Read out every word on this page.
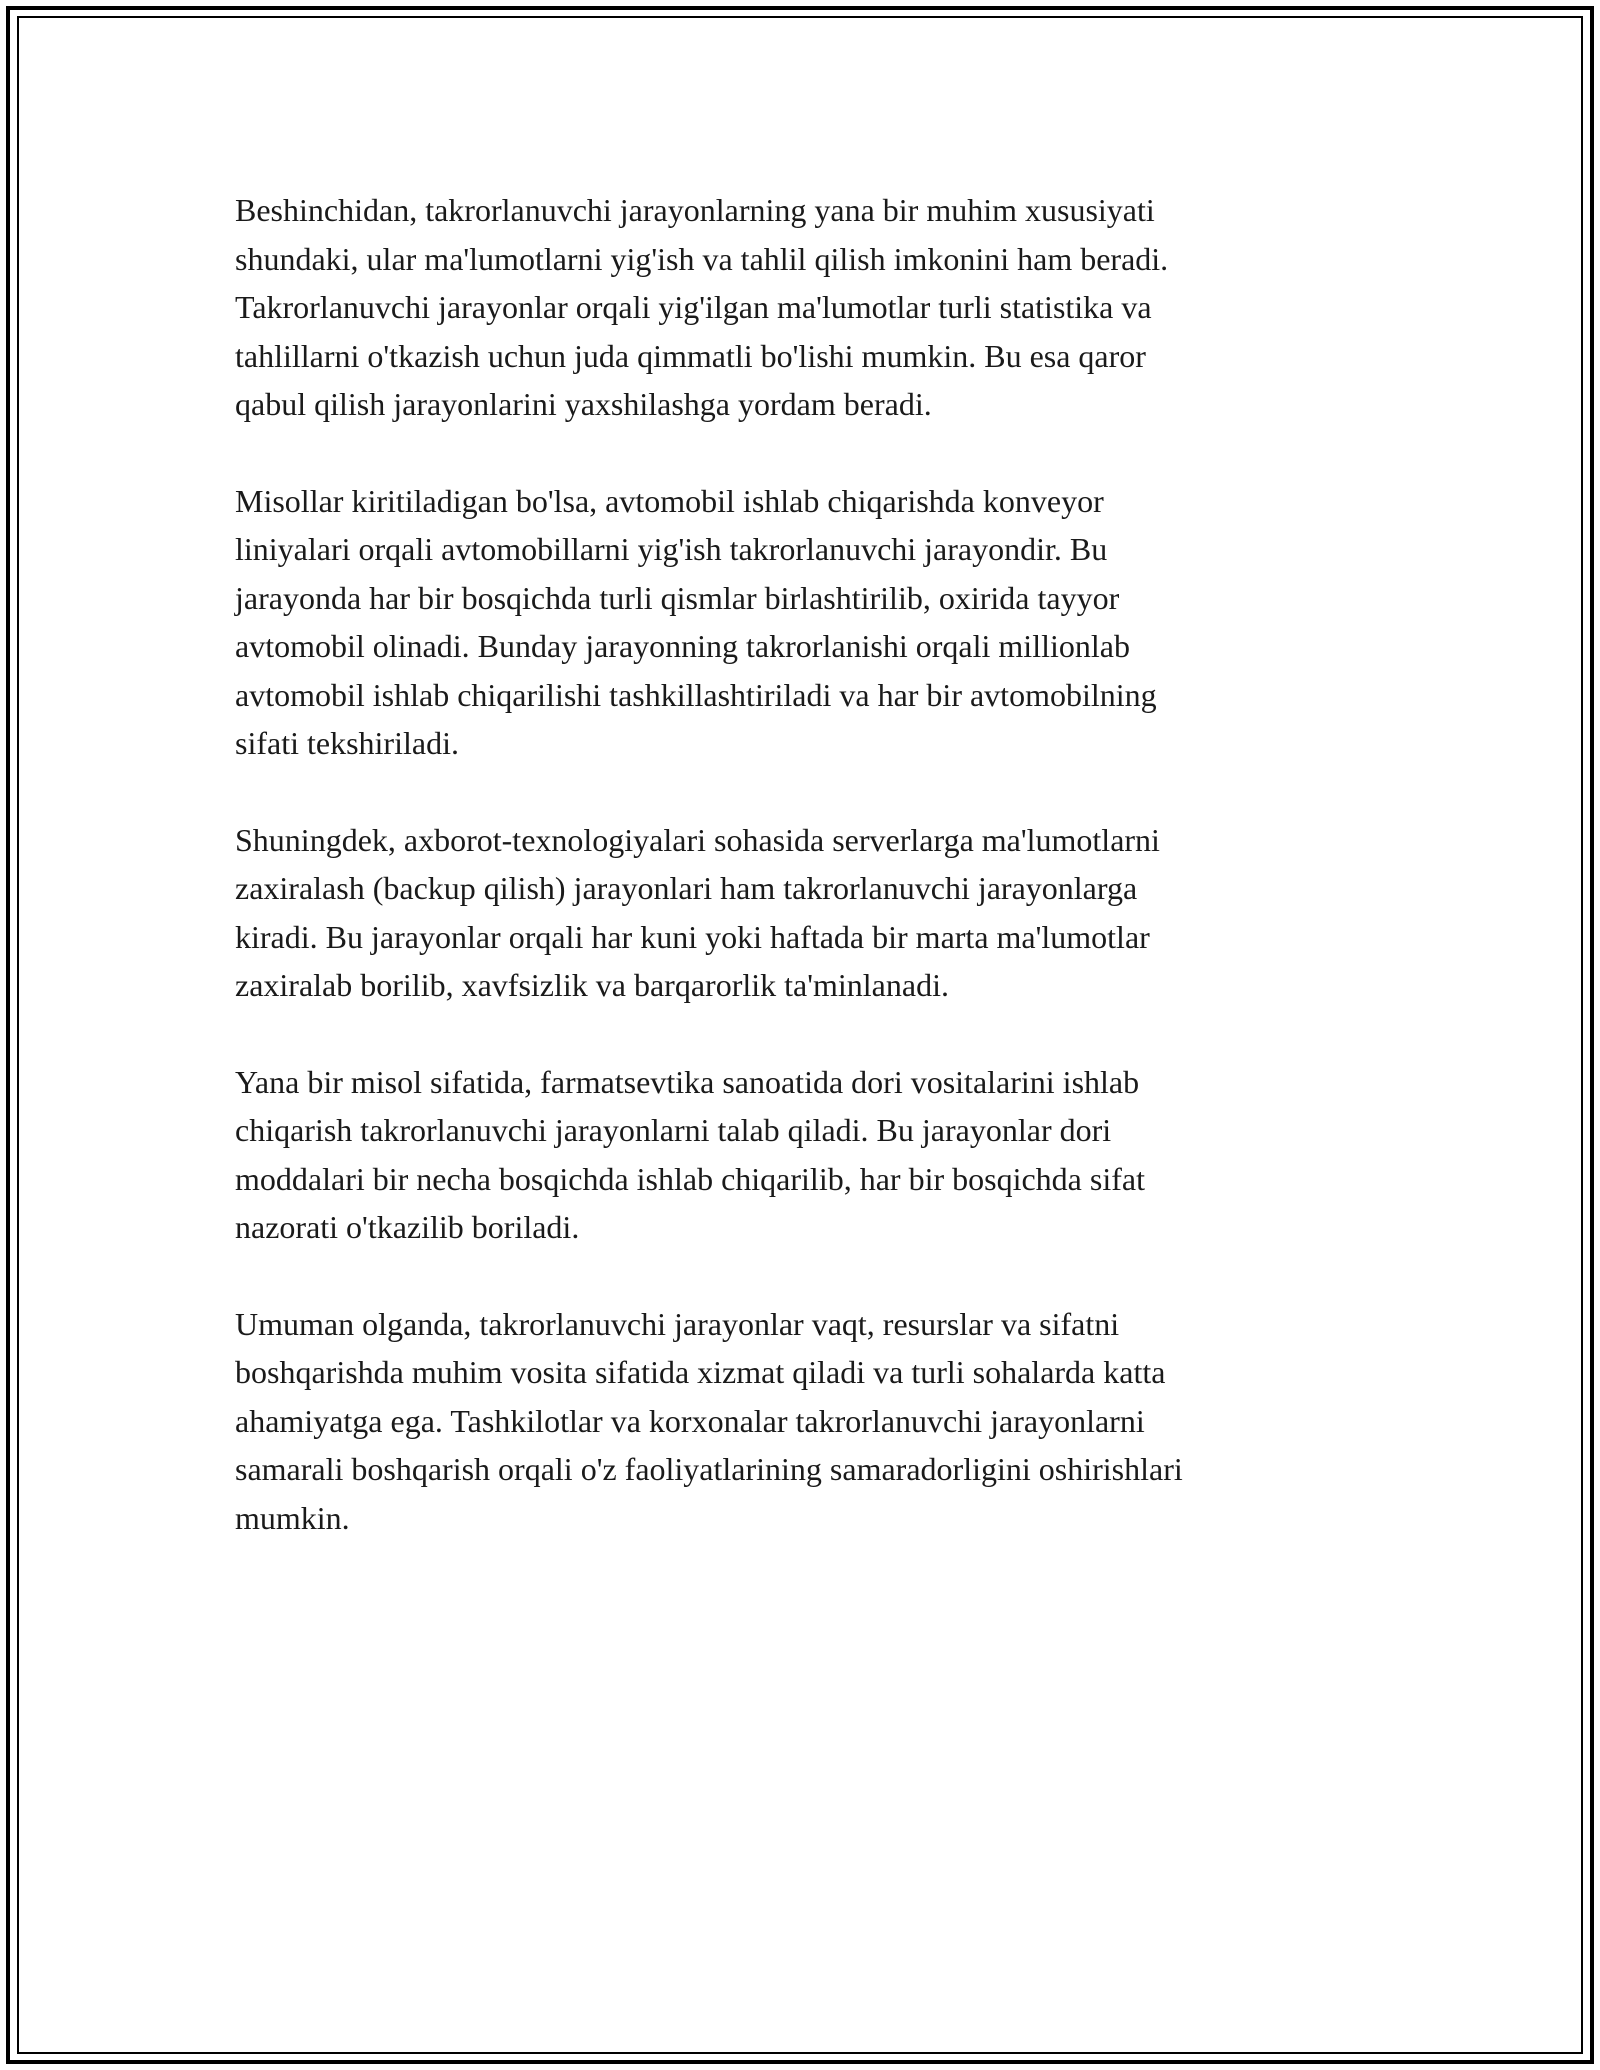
Beshinchidan, takrorlanuvchi jarayonlarning yana bir muhim xususiyati
shundaki, ular ma'lumotlarni yig'ish va tahlil qilish imkonini ham beradi.
Takrorlanuvchi jarayonlar orqali yig'ilgan ma'lumotlar turli statistika va
tahlillarni o'tkazish uchun juda qimmatli bo'lishi mumkin. Bu esa qaror
qabul qilish jarayonlarini yaxshilashga yordam beradi.

Misollar kiritiladigan bo'lsa, avtomobil ishlab chiqarishda konveyor
liniyalari orqali avtomobillarni yig'ish takrorlanuvchi jarayondir. Bu
jarayonda har bir bosqichda turli qismlar birlashtirilib, oxirida tayyor
avtomobil olinadi. Bunday jarayonning takrorlanishi orqali millionlab
avtomobil ishlab chiqarilishi tashkillashtiriladi va har bir avtomobilning
sifati tekshiriladi.

Shuningdek, axborot-texnologiyalari sohasida serverlarga ma'lumotlarni
zaxiralash (backup qilish) jarayonlari ham takrorlanuvchi jarayonlarga
kiradi. Bu jarayonlar orqali har kuni yoki haftada bir marta ma'lumotlar
zaxiralab borilib, xavfsizlik va barqarorlik ta'minlanadi.

Yana bir misol sifatida, farmatsevtika sanoatida dori vositalarini ishlab
chiqarish takrorlanuvchi jarayonlarni talab qiladi. Bu jarayonlar dori
moddalari bir necha bosqichda ishlab chiqarilib, har bir bosqichda sifat
nazorati o'tkazilib boriladi.

Umuman olganda, takrorlanuvchi jarayonlar vaqt, resurslar va sifatni
boshqarishda muhim vosita sifatida xizmat qiladi va turli sohalarda katta
ahamiyatga ega. Tashkilotlar va korxonalar takrorlanuvchi jarayonlarni
samarali boshqarish orqali o'z faoliyatlarining samaradorligini oshirishlari
mumkin.
